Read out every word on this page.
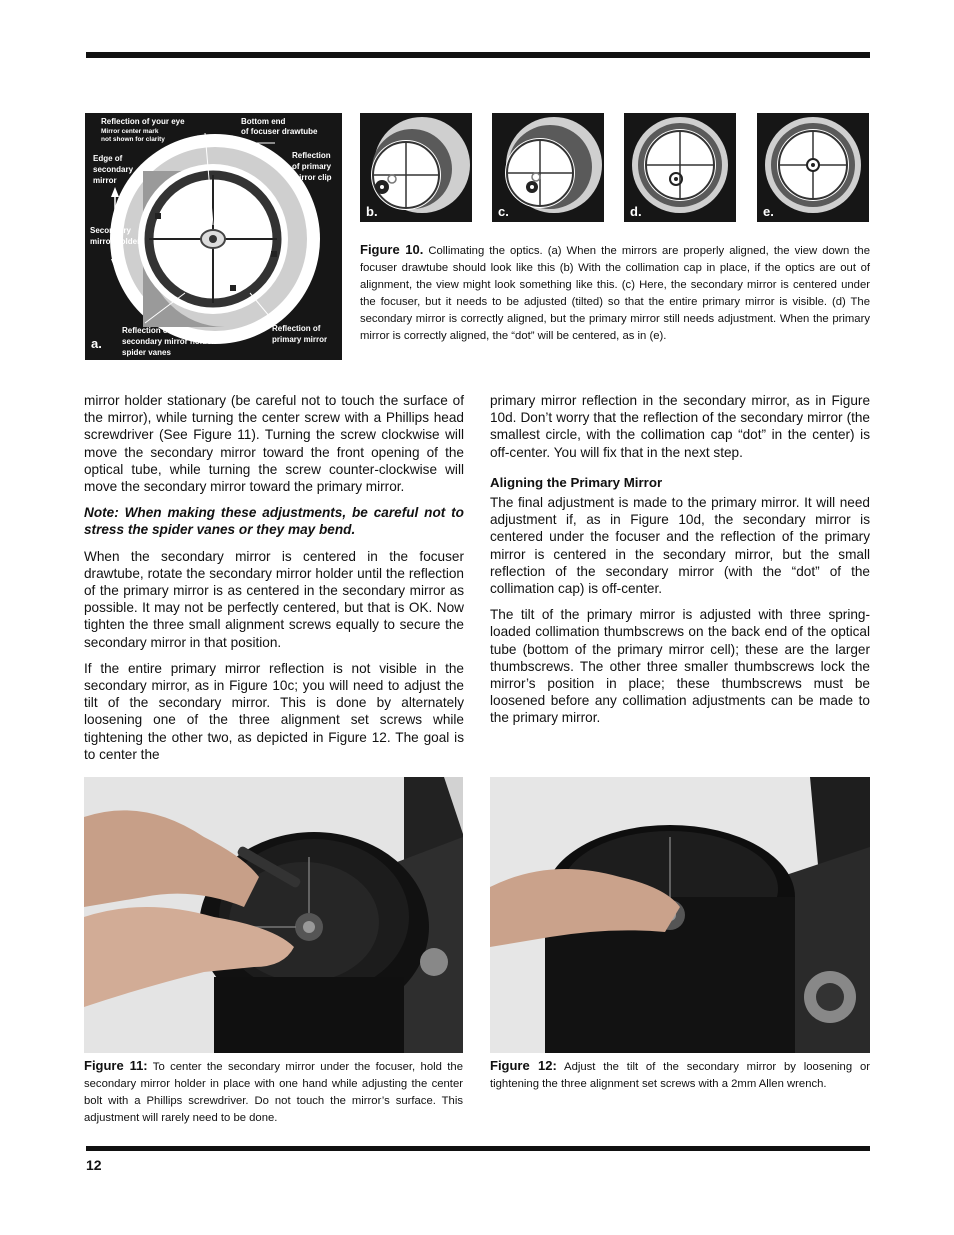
Reflection of your eye
Mirror center mark
not shown for clarity
Bottom end
of focuser drawtube
Edge of
secondary
mirror
Reflection
of primary
mirror clip
Secondary
mirror holder
a.
Reflection of
secondary mirror holder
spider vanes
Reflection of
primary mirror
b.	c.	d.	e.
Figure 10. Collimating the optics. (a) When the mirrors are properly aligned, the view down the focuser drawtube should look like this (b) With the collimation cap in place, if the optics are out of alignment, the view might look something like this. (c) Here, the secondary mirror is centered under the focuser, but it needs to be adjusted (tilted) so that the entire primary mirror is visible. (d) The secondary mirror is correctly aligned, but the primary mirror still needs adjustment. When the primary mirror is correctly aligned, the “dot” will be centered, as in (e).

mirror holder stationary (be careful not to touch the surface of the mirror), while turning the center screw with a Phillips head screwdriver (See Figure 11). Turning the screw clockwise will move the secondary mirror toward the front opening of the optical tube, while turning the screw counter-clockwise will move the secondary mirror toward the primary mirror.

Note: When making these adjustments, be careful not to stress the spider vanes or they may bend.

When the secondary mirror is centered in the focuser drawtube, rotate the secondary mirror holder until the reflection of the primary mirror is as centered in the secondary mirror as possible. It may not be perfectly centered, but that is OK. Now tighten the three small alignment screws equally to secure the secondary mirror in that position.

If the entire primary mirror reflection is not visible in the secondary mirror, as in Figure 10c; you will need to adjust the tilt of the secondary mirror. This is done by alternately loosening one of the three alignment set screws while tightening the other two, as depicted in Figure 12. The goal is to center the

primary mirror reflection in the secondary mirror, as in Figure 10d. Don’t worry that the reflection of the secondary mirror (the smallest circle, with the collimation cap “dot” in the center) is off-center. You will fix that in the next step.

Aligning the Primary Mirror

The final adjustment is made to the primary mirror. It will need adjustment if, as in Figure 10d, the secondary mirror is centered under the focuser and the reflection of the primary mirror is centered in the secondary mirror, but the small reflection of the secondary mirror (with the “dot” of the collimation cap) is off-center.

The tilt of the primary mirror is adjusted with three spring-loaded collimation thumbscrews on the back end of the optical tube (bottom of the primary mirror cell); these are the larger thumbscrews. The other three smaller thumbscrews lock the mirror’s position in place; these thumbscrews must be loosened before any collimation adjustments can be made to the primary mirror.

Figure 11: To center the secondary mirror under the focuser, hold the secondary mirror holder in place with one hand while adjusting the center bolt with a Phillips screwdriver. Do not touch the mirror’s surface. This adjustment will rarely need to be done.
Figure 12: Adjust the tilt of the secondary mirror by loosening or tightening the three alignment set screws with a 2mm Allen wrench.
12
